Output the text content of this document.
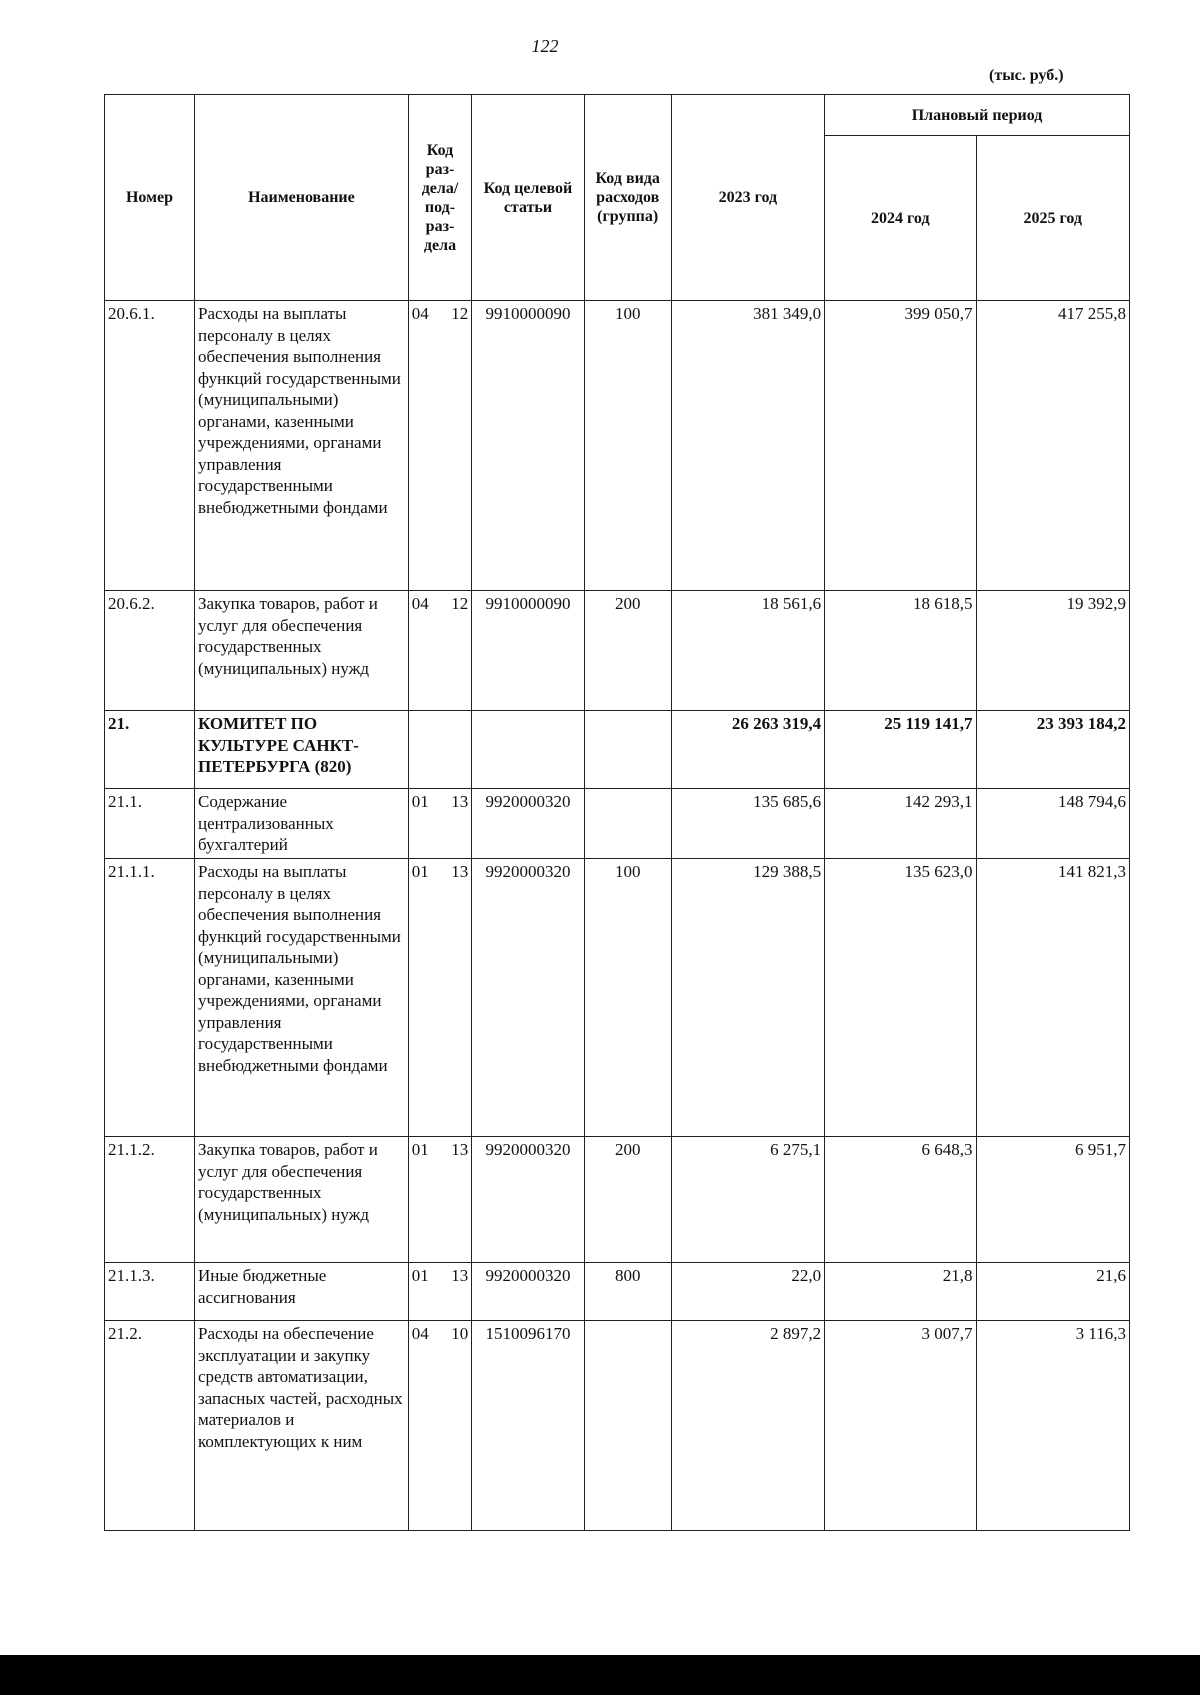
122
(тыс. руб.)
Номер	Наименование	Код раз-дела/ под-раз-дела	Код целевой статьи	Код вида расходов (группа)	2023 год	Плановый период	
						2024 год	2025 год
20.6.1.	Расходы на выплаты персоналу в целях обеспечения выполнения функций государственными (муниципальными) органами, казенными учреждениями, органами управления государственными внебюджетными фондами	04 12	9910000090	100	381 349,0	399 050,7	417 255,8
20.6.2.	Закупка товаров, работ и услуг для обеспечения государственных (муниципальных) нужд	04 12	9910000090	200	18 561,6	18 618,5	19 392,9
21.	КОМИТЕТ ПО КУЛЬТУРЕ САНКТ-ПЕТЕРБУРГА (820)				26 263 319,4	25 119 141,7	23 393 184,2
21.1.	Содержание централизованных бухгалтерий	01 13	9920000320		135 685,6	142 293,1	148 794,6
21.1.1.	Расходы на выплаты персоналу в целях обеспечения выполнения функций государственными (муниципальными) органами, казенными учреждениями, органами управления государственными внебюджетными фондами	01 13	9920000320	100	129 388,5	135 623,0	141 821,3
21.1.2.	Закупка товаров, работ и услуг для обеспечения государственных (муниципальных) нужд	01 13	9920000320	200	6 275,1	6 648,3	6 951,7
21.1.3.	Иные бюджетные ассигнования	01 13	9920000320	800	22,0	21,8	21,6
21.2.	Расходы на обеспечение эксплуатации и закупку средств автоматизации, запасных частей, расходных материалов и комплектующих к ним	04 10	1510096170		2 897,2	3 007,7	3 116,3
